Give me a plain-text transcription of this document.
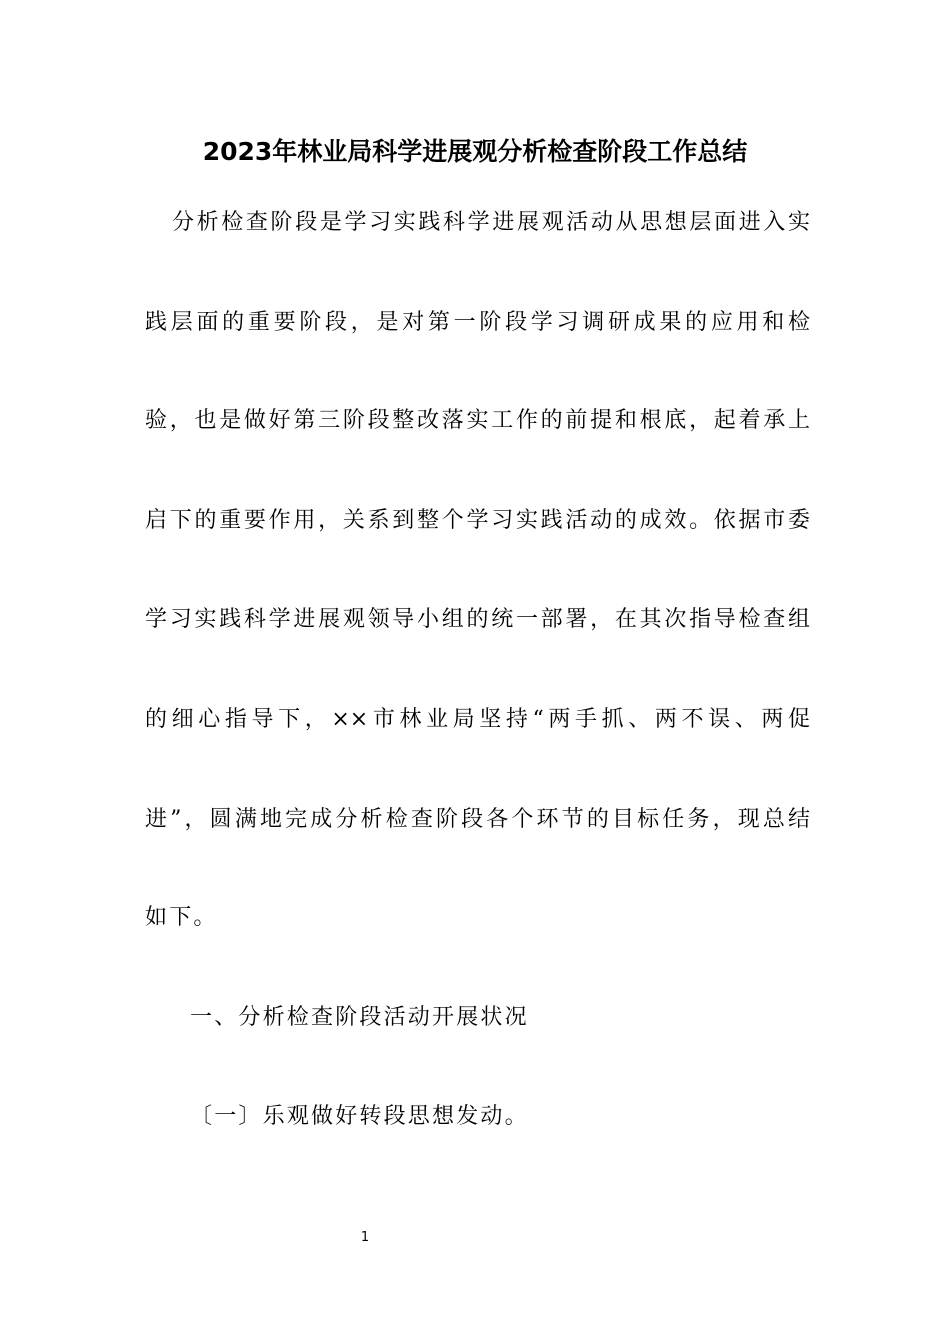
2023年林业局科学进展观分析检查阶段工作总结
分析检查阶段是学习实践科学进展观活动从思想层面进入实
践层面的重要阶段，是对第一阶段学习调研成果的应用和检
验，也是做好第三阶段整改落实工作的前提和根底，起着承上
启下的重要作用，关系到整个学习实践活动的成效。依据市委
学习实践科学进展观领导小组的统一部署，在其次指导检查组
的细心指导下，××市林业局坚持“两手抓、两不误、两促
进”，圆满地完成分析检查阶段各个环节的目标任务，现总结
如下。
一、分析检查阶段活动开展状况
〔一〕乐观做好转段思想发动。
1
